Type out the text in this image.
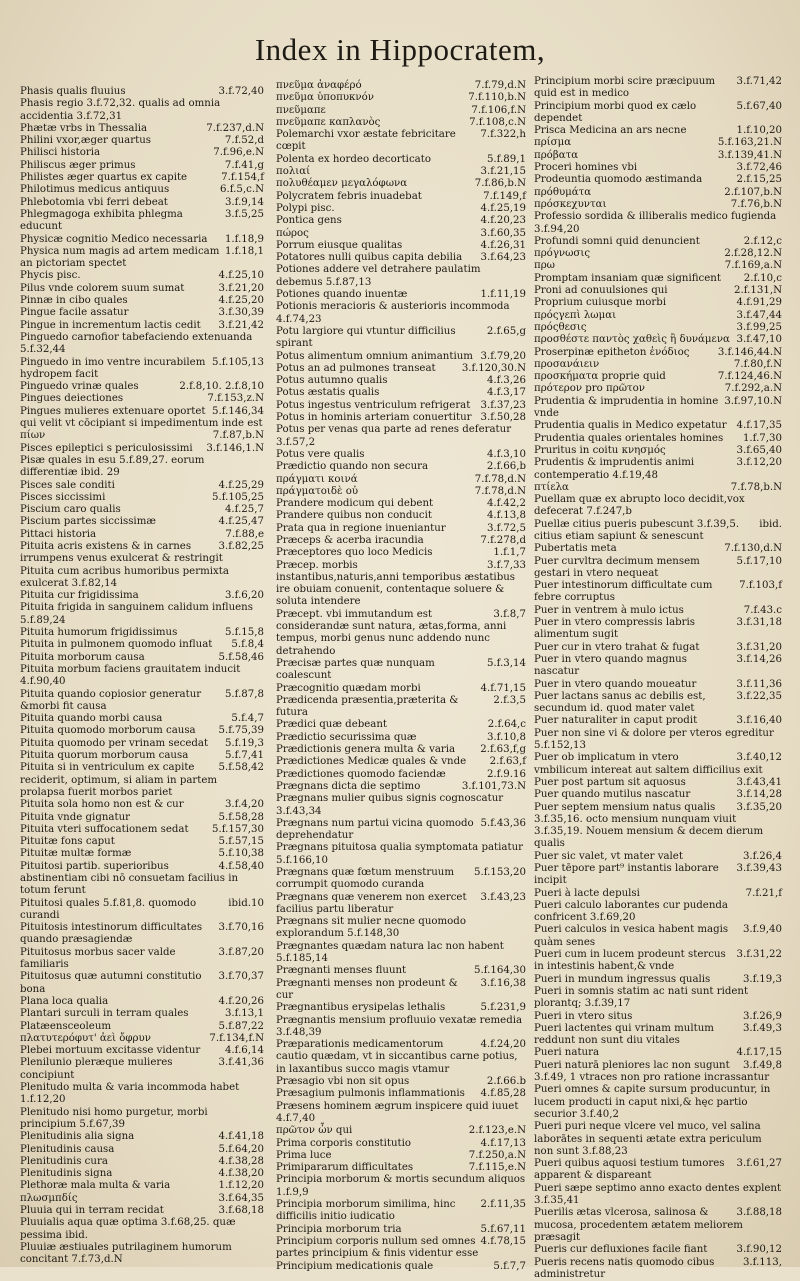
Index in Hippocratem,
3.f.72,40
Phasis qualis fluuius
Phasis regio 3.f.72,32. qualis ad omnia accidentia 3.f.72,31
7.f.237,d.N
Phætæ vrbs in Thessalia
7.f.52,d
Philini vxor,æger quartus
7.f.96,e.N
Philisci historia
7.f.41,g
Philiscus æger primus
7.f.154,f
Philistes æger quartus ex capite
6.f.5,c.N
Philotimus medicus antiquus
3.f.9,14
Phlebotomia vbi ferri debeat
3.f.5,25
Phlegmagoga exhibita phlegma educunt
1.f.18,9
Physicæ cognitio Medico necessaria
1.f.18,1
Physica num magis ad artem medicam an pictoriam spectet
4.f.25,10
Phycis pisc.
3.f.21,20
Pilus vnde colorem suum sumat
4.f.25,20
Pinnæ in cibo quales
3.f.30,39
Pingue facile assatur
3.f.21,42
Pingue in incrementum lactis cedit
Pinguedo carnofior tabefaciendo extenuanda 5.f.32,44
5.f.105,13
Pinguedo in imo ventre incurabilem hydropem facit
2.f.8,10. 2.f.8,10
Pinguedo vrinæ quales
7.f.153,z.N
Pingues deiectiones
5.f.146,34
Pingues mulieres extenuare oportet qui velit vt cōcipiant si impedimentum inde est
7.f.87,b.N
πίων
3.f.146,1.N
Pisces epileptici s periculosissimi
Pisæ quales in esu 5.f.89,27. eorum differentiæ ibid. 29
4.f.25,29
Pisces sale conditi
5.f.105,25
Pisces siccissimi
4.f.25,7
Piscium caro qualis
4.f.25,47
Piscium partes siccissimæ
7.f.88,e
Pittaci historia
3.f.82,25
Pituita acris existens & in carnes irrumpens venus exulcerat & restringit
Pituita cum acribus humoribus permixta exulcerat 3.f.82,14
3.f.6,20
Pituita cur frigidissima
Pituita frigida in sanguinem calidum influens 5.f.89,24
5.f.15,8
Pituita humorum frigidissimus
5.f.8,4
Pituita in pulmonem quomodo influat
5.f.58,46
Pituita morborum causa
Pituita morbum faciens grauitatem inducit 4.f.90,40
5.f.87,8
Pituita quando copiosior generatur &morbi fit causa
5.f.4,7
Pituita quando morbi causa
5.f.75,39
Pituita quomodo morborum causa
5.f.19,3
Pituita quomodo per vrinam secedat
5.f.7,41
Pituita quorum morborum causa
5.f.58,42
Pituita si in ventriculum ex capite reciderit, optimum, si aliam in partem prolapsa fuerit morbos pariet
3.f.4,20
Pituita sola homo non est & cur
5.f.58,28
Pituita vnde gignatur
5.f.157,30
Pituita vteri suffocationem sedat
5.f.57,15
Pituitæ fons caput
5.f.10,38
Pituitæ multæ formæ
4.f.58,40
Pituitosi partib. superioribus abstinentiam cibi nō consuetam facilius in totum ferunt
ibid.10
Pituitosi quales 5.f.81,8. quomodo curandi
3.f.70,16
Pituitosis intestinorum difficultates quando præsagiendæ
3.f.87,20
Pituitosus morbus sacer valde familiaris
3.f.70,37
Pituitosus quæ autumni constitutio bona
4.f.20,26
Plana loca qualia
3.f.13,1
Plantari surculi in terram quales
5.f.87,22
Platæensceoleum
7.f.134,f.N
πλατυτερόφυτ' ἀεὶ ὄφρυν
4.f.6,14
Plebei mortuum excitasse videntur
3.f.41,36
Plenilunio pleræque mulieres concipiunt
Plenitudo multa & varia incommoda habet 1.f.12,20
Plenitudo nisi homo purgetur, morbi principium 5.f.67,39
4.f.41,18
Plenitudinis alia signa
5.f.64,20
Plenitudinis causa
4.f.38,28
Plenitudinis cura
4.f.38,20
Plenitudinis signa
1.f.12,20
Plethoræ mala multa & varia
3.f.64,35
πλωσμπδίς
3.f.68,18
Pluuia qui in terram recidat
Pluuialis aqua quæ optima 3.f.68,25. quæ pessima ibid.
Pluuiæ æstiuales putrilaginem humorum concitant 7.f.73,d.N
7.f.79,d.N
πνεῦμα ἀναφέρό
7.f.110,b.N
πνεῦμα ὑποπυκνόν
7.f.106,f.N
πνεῦμαπε
7.f.108,c.N
πνεῦμαπε καπλανὸς
7.f.322,h
Polemarchi vxor æstate febricitare cœpit
5.f.89,1
Polenta ex hordeo decorticato
3.f.21,15
πολιαί
7.f.86,b.N
πολυθέαμεν μεγαλόφωνα
7.f.149,f
Polycratem febris inuadebat
4.f.25,19
Polypi pisc.
4.f.20,23
Pontica gens
3.f.60,35
πώρος
4.f.26,31
Porrum eiusque qualitas
3.f.64,23
Potatores nulli quibus capita debilia
Potiones addere vel detrahere paulatim debemus 5.f.87,13
1.f.11,19
Potiones quando inuentæ
Potionis meracioris & austerioris incommoda 4.f.74,23
2.f.65,g
Potu largiore qui vtuntur difficilius spirant
3.f.79,20
Potus alimentum omnium animantium
3.f.120,30.N
Potus an ad pulmones transeat
4.f.3,26
Potus autumno qualis
4.f.3,17
Potus æstatis qualis
3.f.37,23
Potus ingestus ventriculum refrigerat
3.f.50,28
Potus in hominis arteriam conuertitur
Potus per venas qua parte ad renes deferatur 3.f.57,2
4.f.3,10
Potus vere qualis
2.f.66,b
Prædictio quando non secura
7.f.78,d.N
πράγματι κοινά
7.f.78,d.N
πράγματοιδὲ οὐ
4.f.42,2
Prandere modicum qui debent
4.f.13,8
Prandere quibus non conducit
3.f.72,5
Prata qua in regione inueniantur
7.f.278,d
Præceps & acerba iracundia
1.f.1,7
Præceptores quo loco Medicis
3.f.7,33
Præcep. morbis instantibus,naturis,anni temporibus æstatibus ire obuiam conuenit, contentaque soluere & soluta intendere
3.f.8,7
Præcept. vbi immutandum est considerandæ sunt natura, ætas,forma, anni tempus, morbi genus nunc addendo nunc detrahendo
5.f.3,14
Præcisæ partes quæ nunquam coalescunt
4.f.71,15
Præcognitio quædam morbi
2.f.3,5
Prædicenda præsentia,præterita & futura
2.f.64,c
Prædici quæ debeant
3.f.10,8
Prædictio securissima quæ
2.f.63,f,g
Prædictionis genera multa & varia
2.f.63,f
Prædictiones Medicæ quales & vnde
2.f.9.16
Prædictiones quomodo faciendæ
3.f.101,73.N
Prægnans dicta die septimo
Prægnans mulier quibus signis cognoscatur 3.f.43,34
5.f.43,36
Prægnans num partui vicina quomodo deprehendatur
Prægnans pituitosa qualia symptomata patiatur 5.f.166,10
5.f.153,20
Prægnans quæ fœtum menstruum corrumpit quomodo curanda
3.f.43,23
Prægnans quæ venerem non exercet facilius partu liberatur
Prægnans sit mulier necne quomodo explorandum 5.f.148,30
Prægnantes quædam natura lac non habent 5.f.185,14
5.f.164,30
Prægnanti menses fluunt
3.f.16,38
Prægnanti menses non prodeunt & cur
5.f.231,9
Prægnantibus erysipelas lethalis
Prægnantis mensium profluuio vexatæ remedia 3.f.48,39
4.f.24,20
Præparationis medicamentorum cautio quædam, vt in siccantibus carne potius, in laxantibus succo magis vtamur
2.f.66.b
Præsagio vbi non sit opus
4.f.85,28
Præsagium pulmonis inflammationis
Præsens hominem ægrum inspicere quid iuuet 4.f.7,40
2.f.123,e.N
πρῶτον ὧν qui
4.f.17,13
Prima corporis constitutio
7.f.250,a.N
Prima luce
7.f.115,e.N
Primipararum difficultates
Principia morborum & mortis secundum aliquos 1.f.9,9
2.f.11,35
Principia morborum similima, hinc difficilis initio iudicatio
5.f.67,11
Principia morborum tria
4.f.78,15
Principium corporis nullum sed omnes partes principium & finis videntur esse
5.f.7,7
Principium medicationis quale
3.f.71,42
Principium morbi scire præcipuum quid est in medico
5.f.67,40
Principium morbi quod ex cælo dependet
1.f.10,20
Prisca Medicina an ars necne
5.f.163,21.N
πρίσμα
3.f.139,41.N
πρόβατα
3.f.72,46
Proceri homines vbi
2.f.15,25
Prodeuntia quomodo æstimanda
2.f.107,b.N
πρόθυμάτα
7.f.76,b.N
πρόσκεχυνται
Professio sordida & illiberalis medico fugienda 3.f.94,20
2.f.12,c
Profundi somni quid denuncient
2.f.28,12.N
πρόγνωσις
7.f.169,a.N
πρω
2.f.10,c
Promptam insaniam quæ significent
2.f.131,N
Proni ad conuulsiones qui
4.f.91,29
Proprium cuiusque morbi
3.f.47,44
πρόςγεπὶ λωμαι
3.f.99,25
πρόςθεσις
3.f.47,10
προσθέστε παντὸς χαθεὶς ἢ δυνάμενα
3.f.146,44.N
Proserpinæ epitheton ἐνόδιος
7.f.80,f.N
προσανάιειν
7.f.124,46.N
προσκήματα proprie quid
7.f.292,a.N
πρότερον pro πρῶτον
3.f.97,10.N
Prudentia & imprudentia in homine vnde
4.f.17,35
Prudentia qualis in Medico expetatur
1.f.7,30
Prudentia quales orientales homines
3.f.65,40
Pruritus in coitu κνησμός
3.f.12,20
Prudentis & imprudentis animi contemperatio 4.f.19,48
7.f.78,b.N
πτίελα
Puellam quæ ex abrupto loco decidit,vox defecerat 7.f.247,b
ibid.
Puellæ citius pueris pubescunt 3.f.39,5. citius etiam sapiunt & senescunt
7.f.130,d.N
Pubertatis meta
5.f.17,10
Puer curvltra decimum mensem gestari in vtero nequeat
7.f.103,f
Puer intestinorum difficultate cum febre corruptus
7.f.43.c
Puer in ventrem à mulo ictus
3.f.31,18
Puer in vtero compressis labris alimentum sugit
3.f.31,20
Puer cur in vtero trahat & fugat
3.f.14,26
Puer in vtero quando magnus nascatur
3.f.11,36
Puer in vtero quando moueatur
3.f.22,35
Puer lactans sanus ac debilis est, secundum id. quod mater valet
3.f.16,40
Puer naturaliter in caput prodit
Puer non sine vi & dolore per vteros egreditur 5.f.152,13
3.f.40,12
Puer ob implicatum in vtero vmbilicum intereat aut saltem difficilius exit
3.f.43,41
Puer post partum sit aquosus
3.f.14,28
Puer quando mutilus nascatur
3.f.35,20
Puer septem mensium natus qualis 3.f.35,16. octo mensium nunquam viuit 3.f.35,19. Nouem mensium & decem dierum qualis
3.f.26,4
Puer sic valet, vt mater valet
3.f.39,43
Puer tēpore part⁹ instantis laborare incipit
7.f.21,f
Pueri à lacte depulsi
Pueri calculo laborantes cur pudenda confricent 3.f.69,20
3.f.9,40
Pueri calculos in vesica habent magis quàm senes
3.f.31,22
Pueri cum in lucem prodeunt stercus in intestinis habent,& vnde
3.f.19,3
Pueri in mundum ingressus qualis
Pueri in somnis statim ac nati sunt rident plorantq; 3.f.39,17
3.f.26,9
Pueri in vtero situs
3.f.49,3
Pueri lactentes qui vrinam multum reddunt non sunt diu vitales
4.f.17,15
Pueri natura
3.f.49,8
Pueri naturā pleniores lac non sugunt 3.f.49, 1 vtraces non pro ratione incrassantur
Pueri omnes & capite sursum producuntur, in lucem producti in caput nixi,& hęc partio securior 3.f.40,2
Pueri puri neque vlcere vel muco, vel salina laborātes in sequenti ætate extra periculum non sunt 3.f.88,23
3.f.61,27
Pueri quibus aquosi testium tumores apparent & dispareant
Pueri sæpe septimo anno exacto dentes explent 3.f.35,41
3.f.88,18
Puerilis ætas vlcerosa, salinosa & mucosa, procedentem ætatem meliorem præsagit
3.f.90,12
Pueris cur defluxiones facile fiant
3.f.113,
Pueris recens natis quomodo cibus administretur
